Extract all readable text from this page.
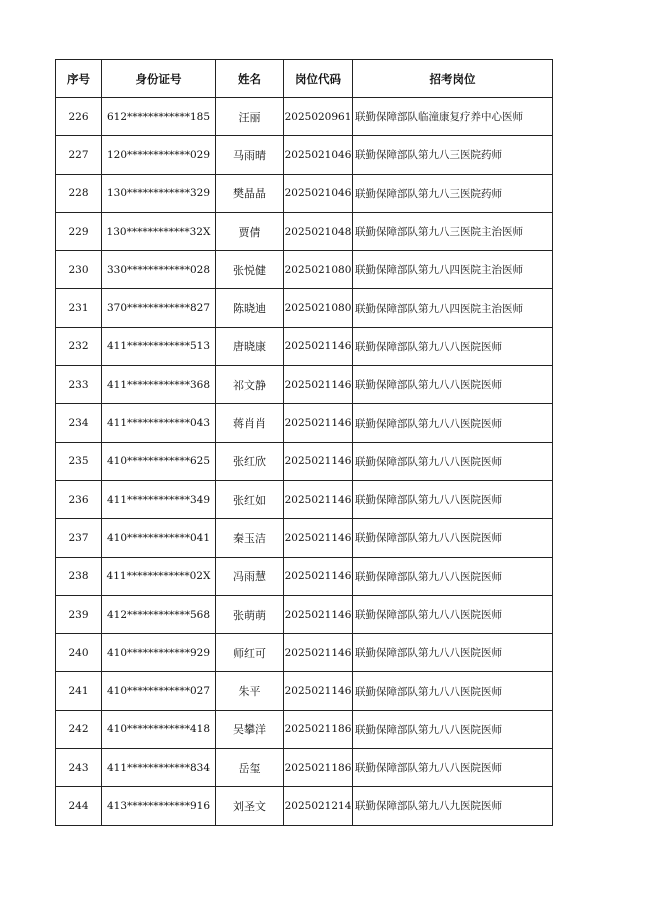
序号	身份证号	姓名	岗位代码	招考岗位
226	612************185	汪丽	2025020961	联勤保障部队临潼康复疗养中心医师
227	120************029	马雨晴	2025021046	联勤保障部队第九八三医院药师
228	130************329	樊晶晶	2025021046	联勤保障部队第九八三医院药师
229	130************32X	贾倩	2025021048	联勤保障部队第九八三医院主治医师
230	330************028	张悦健	2025021080	联勤保障部队第九八四医院主治医师
231	370************827	陈晓迪	2025021080	联勤保障部队第九八四医院主治医师
232	411************513	唐晓康	2025021146	联勤保障部队第九八八医院医师
233	411************368	祁文静	2025021146	联勤保障部队第九八八医院医师
234	411************043	蒋肖肖	2025021146	联勤保障部队第九八八医院医师
235	410************625	张红欣	2025021146	联勤保障部队第九八八医院医师
236	411************349	张红如	2025021146	联勤保障部队第九八八医院医师
237	410************041	秦玉洁	2025021146	联勤保障部队第九八八医院医师
238	411************02X	冯雨慧	2025021146	联勤保障部队第九八八医院医师
239	412************568	张萌萌	2025021146	联勤保障部队第九八八医院医师
240	410************929	师红可	2025021146	联勤保障部队第九八八医院医师
241	410************027	朱平	2025021146	联勤保障部队第九八八医院医师
242	410************418	吴攀洋	2025021186	联勤保障部队第九八八医院医师
243	411************834	岳玺	2025021186	联勤保障部队第九八八医院医师
244	413************916	刘圣文	2025021214	联勤保障部队第九八九医院医师
